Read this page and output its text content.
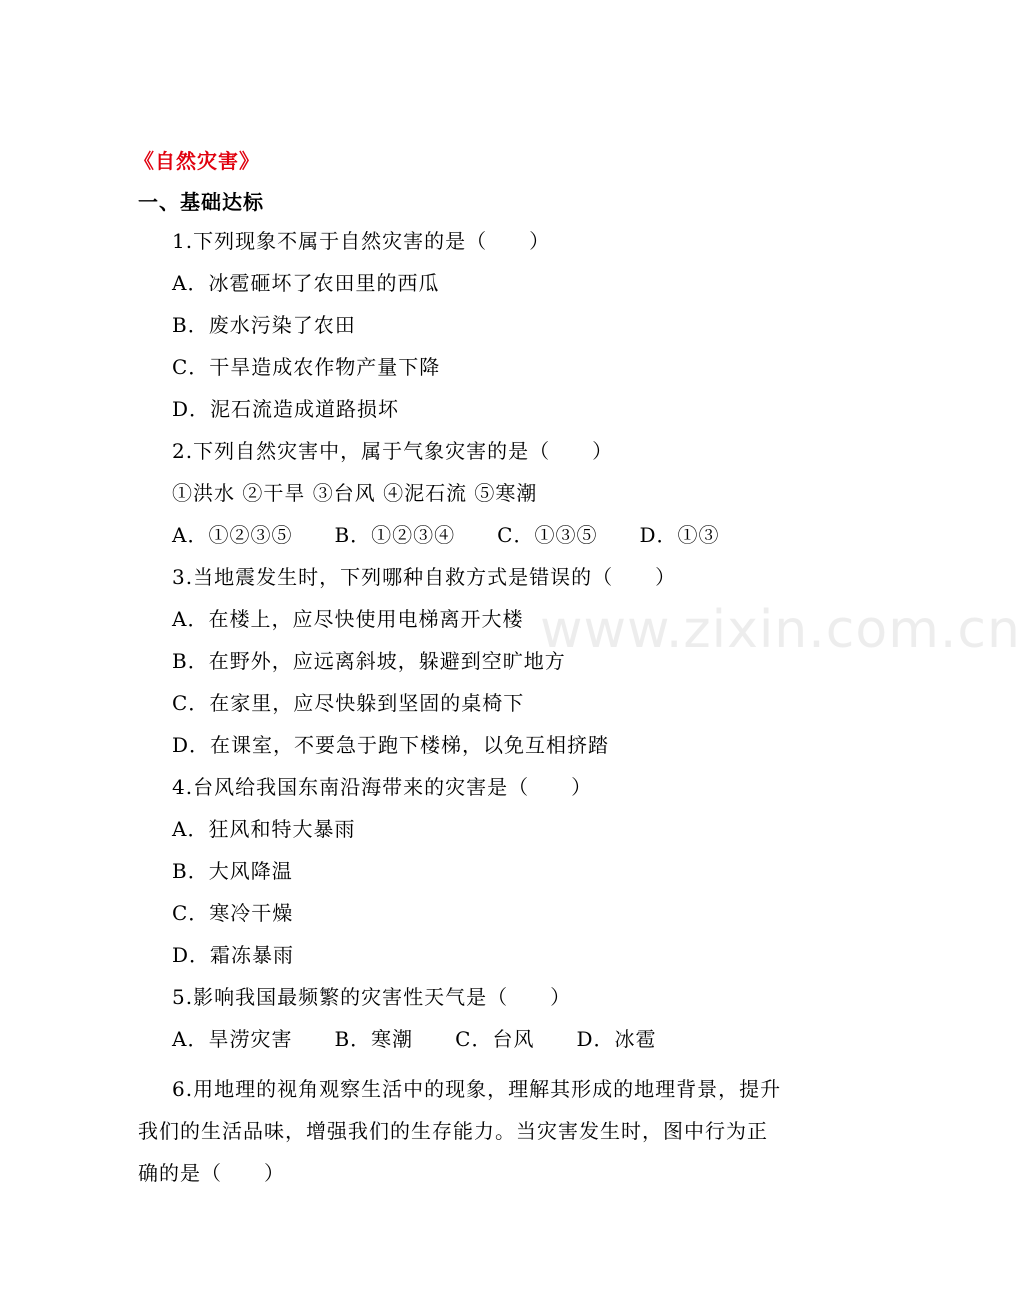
《自然灾害》
一、基础达标
www.zixin.com.cn
1.下列现象不属于自然灾害的是（　　）
A．冰雹砸坏了农田里的西瓜
B．废水污染了农田
C．干旱造成农作物产量下降
D．泥石流造成道路损坏
2.下列自然灾害中，属于气象灾害的是（　　）
①洪水 ②干旱 ③台风 ④泥石流 ⑤寒潮
A．①②③⑤　　B．①②③④　　C．①③⑤　　D．①③
3.当地震发生时，下列哪种自救方式是错误的（　　）
A．在楼上，应尽快使用电梯离开大楼
B．在野外，应远离斜坡，躲避到空旷地方
C．在家里，应尽快躲到坚固的桌椅下
D．在课室，不要急于跑下楼梯，以免互相挤踏
4.台风给我国东南沿海带来的灾害是（　　）
A．狂风和特大暴雨
B．大风降温
C．寒冷干燥
D．霜冻暴雨
5.影响我国最频繁的灾害性天气是（　　）
A．旱涝灾害　　B．寒潮　　C．台风　　D．冰雹
6.用地理的视角观察生活中的现象，理解其形成的地理背景，提升我们的生活品味，增强我们的生存能力。当灾害发生时，图中行为正确的是（　　）
